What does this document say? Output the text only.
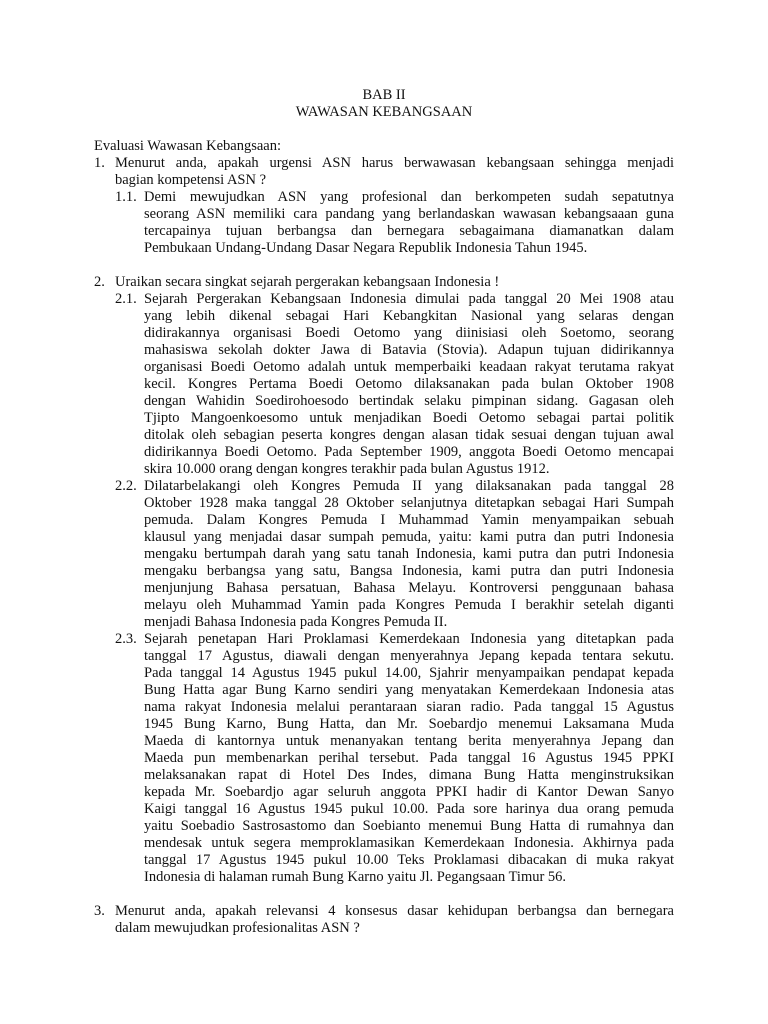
BAB II
WAWASAN KEBANGSAAN
Evaluasi Wawasan Kebangsaan:
1. Menurut anda, apakah urgensi ASN harus berwawasan kebangsaan sehingga menjadi
bagian kompetensi ASN ?
1.1. Demi mewujudkan ASN yang profesional dan berkompeten sudah sepatutnya
seorang ASN memiliki cara pandang yang berlandaskan wawasan kebangsaaan guna
tercapainya tujuan berbangsa dan bernegara sebagaimana diamanatkan dalam
Pembukaan Undang-Undang Dasar Negara Republik Indonesia Tahun 1945.
2. Uraikan secara singkat sejarah pergerakan kebangsaan Indonesia !
2.1. Sejarah Pergerakan Kebangsaan Indonesia dimulai pada tanggal 20 Mei 1908 atau
yang lebih dikenal sebagai Hari Kebangkitan Nasional yang selaras dengan
didirakannya organisasi Boedi Oetomo yang diinisiasi oleh Soetomo, seorang
mahasiswa sekolah dokter Jawa di Batavia (Stovia). Adapun tujuan didirikannya
organisasi Boedi Oetomo adalah untuk memperbaiki keadaan rakyat terutama rakyat
kecil. Kongres Pertama Boedi Oetomo dilaksanakan pada bulan Oktober 1908
dengan Wahidin Soedirohoesodo bertindak selaku pimpinan sidang. Gagasan oleh
Tjipto Mangoenkoesomo untuk menjadikan Boedi Oetomo sebagai partai politik
ditolak oleh sebagian peserta kongres dengan alasan tidak sesuai dengan tujuan awal
didirikannya Boedi Oetomo. Pada September 1909, anggota Boedi Oetomo mencapai
skira 10.000 orang dengan kongres terakhir pada bulan Agustus 1912.
2.2. Dilatarbelakangi oleh Kongres Pemuda II yang dilaksanakan pada tanggal 28
Oktober 1928 maka tanggal 28 Oktober selanjutnya ditetapkan sebagai Hari Sumpah
pemuda. Dalam Kongres Pemuda I Muhammad Yamin menyampaikan sebuah
klausul yang menjadai dasar sumpah pemuda, yaitu: kami putra dan putri Indonesia
mengaku bertumpah darah yang satu tanah Indonesia, kami putra dan putri Indonesia
mengaku berbangsa yang satu, Bangsa Indonesia, kami putra dan putri Indonesia
menjunjung Bahasa persatuan, Bahasa Melayu. Kontroversi penggunaan bahasa
melayu oleh Muhammad Yamin pada Kongres Pemuda I berakhir setelah diganti
menjadi Bahasa Indonesia pada Kongres Pemuda II.
2.3. Sejarah penetapan Hari Proklamasi Kemerdekaan Indonesia yang ditetapkan pada
tanggal 17 Agustus, diawali dengan menyerahnya Jepang kepada tentara sekutu.
Pada tanggal 14 Agustus 1945 pukul 14.00, Sjahrir menyampaikan pendapat kepada
Bung Hatta agar Bung Karno sendiri yang menyatakan Kemerdekaan Indonesia atas
nama rakyat Indonesia melalui perantaraan siaran radio. Pada tanggal 15 Agustus
1945 Bung Karno, Bung Hatta, dan Mr. Soebardjo menemui Laksamana Muda
Maeda di kantornya untuk menanyakan tentang berita menyerahnya Jepang dan
Maeda pun membenarkan perihal tersebut. Pada tanggal 16 Agustus 1945 PPKI
melaksanakan rapat di Hotel Des Indes, dimana Bung Hatta menginstruksikan
kepada Mr. Soebardjo agar seluruh anggota PPKI hadir di Kantor Dewan Sanyo
Kaigi tanggal 16 Agustus 1945 pukul 10.00. Pada sore harinya dua orang pemuda
yaitu Soebadio Sastrosastomo dan Soebianto menemui Bung Hatta di rumahnya dan
mendesak untuk segera memproklamasikan Kemerdekaan Indonesia. Akhirnya pada
tanggal 17 Agustus 1945 pukul 10.00 Teks Proklamasi dibacakan di muka rakyat
Indonesia di halaman rumah Bung Karno yaitu Jl. Pegangsaan Timur 56.
3. Menurut anda, apakah relevansi 4 konsesus dasar kehidupan berbangsa dan bernegara
dalam mewujudkan profesionalitas ASN ?
